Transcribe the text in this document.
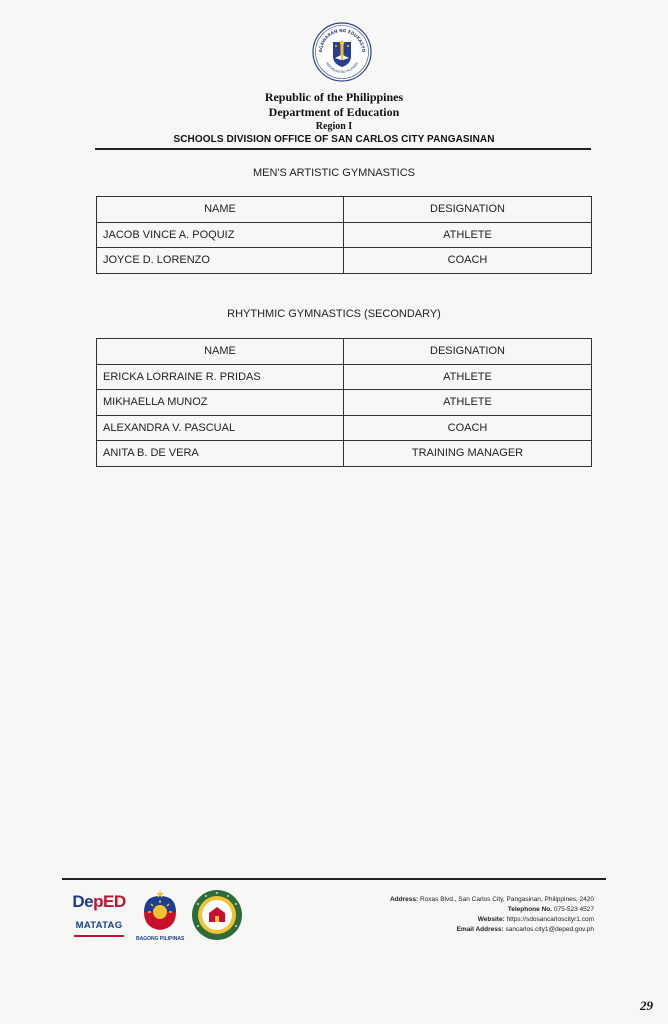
AGAWARAN NG EDUKASYO
REPUBLIKA NG PILIPINAS
Republic of the Philippines
Department of Education
Region I
SCHOOLS DIVISION OFFICE OF SAN CARLOS CITY PANGASINAN
MEN'S ARTISTIC GYMNASTICS
NAME	DESIGNATION
JACOB VINCE A. POQUIZ	ATHLETE
JOYCE D. LORENZO	COACH
RHYTHMIC GYMNASTICS (SECONDARY)
NAME	DESIGNATION
ERICKA LORRAINE R. PRIDAS	ATHLETE
MIKHAELLA MUNOZ	ATHLETE
ALEXANDRA V. PASCUAL	COACH
ANITA B. DE VERA	TRAINING MANAGER
DepED
MATATAG
BAGONG PILIPINAS
Address: Roxas Blvd., San Carlos City, Pangasinan, Philippines, 2420
Telephone No. 075-523 4527
Website: https://sdosancarloscityr1.com
Email Address: sancarlos.city1@deped.gov.ph
29
